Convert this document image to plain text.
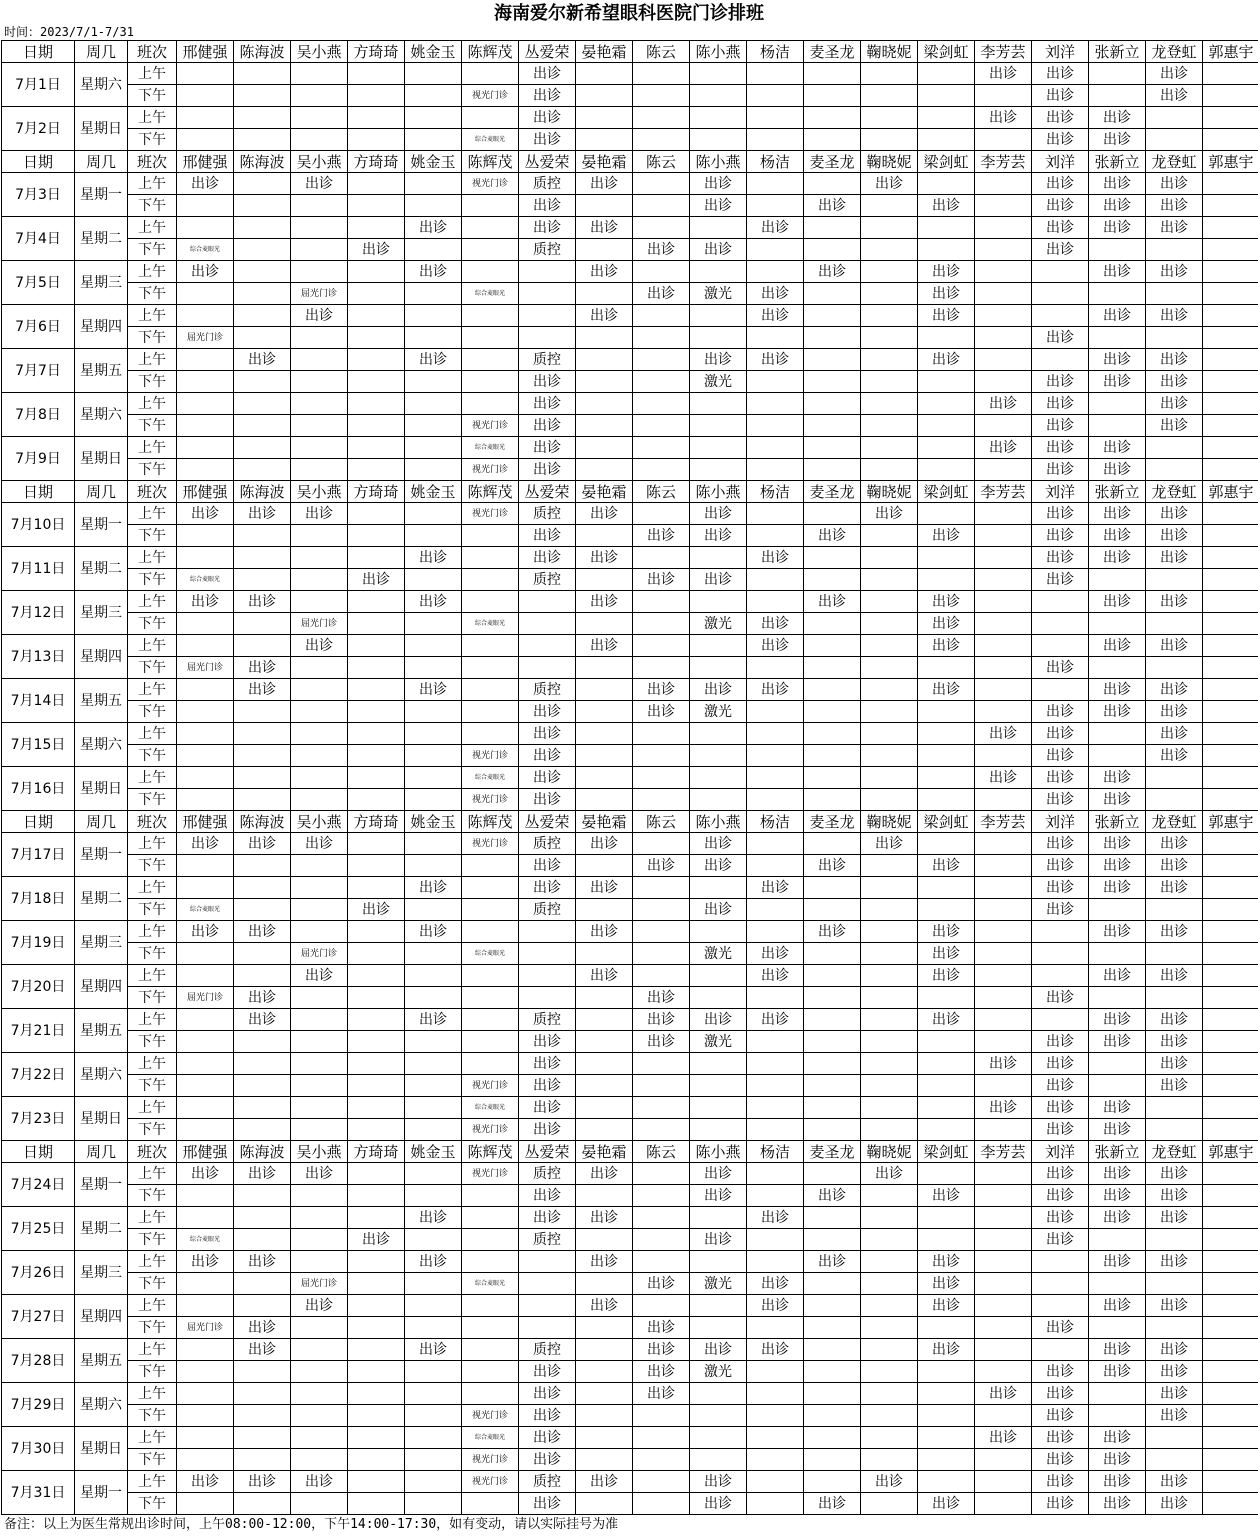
海南爱尔新希望眼科医院门诊排班
时间：2023/7/1-7/31
日期	周几	班次	邢健强	陈海波	吴小燕	方琦琦	姚金玉	陈辉茂	丛爱荣	晏艳霜	陈云	陈小燕	杨洁	麦圣龙	鞠晓妮	梁剑虹	李芳芸	刘洋	张新立	龙登虹	郭惠宇
7月1日	星期六	上午							出诊								出诊	出诊		出诊	
		下午						视光门诊	出诊									出诊		出诊	
7月2日	星期日	上午							出诊								出诊	出诊	出诊		
		下午						综合麦眼光	出诊									出诊	出诊		
日期	周几	班次	邢健强	陈海波	吴小燕	方琦琦	姚金玉	陈辉茂	丛爱荣	晏艳霜	陈云	陈小燕	杨洁	麦圣龙	鞠晓妮	梁剑虹	李芳芸	刘洋	张新立	龙登虹	郭惠宇
7月3日	星期一	上午	出诊		出诊			视光门诊	质控	出诊		出诊			出诊			出诊	出诊	出诊	
		下午							出诊			出诊		出诊		出诊		出诊	出诊	出诊	
7月4日	星期二	上午					出诊		出诊	出诊			出诊					出诊	出诊	出诊	
		下午	综合麦眼光			出诊			质控		出诊	出诊						出诊			
7月5日	星期三	上午	出诊				出诊			出诊				出诊		出诊			出诊	出诊	
		下午			屈光门诊			综合麦眼光			出诊	激光	出诊			出诊					
7月6日	星期四	上午			出诊					出诊			出诊			出诊			出诊	出诊	
		下午	屈光门诊															出诊			
7月7日	星期五	上午		出诊			出诊		质控			出诊	出诊			出诊			出诊	出诊	
		下午							出诊			激光						出诊	出诊	出诊	
7月8日	星期六	上午							出诊								出诊	出诊		出诊	
		下午						视光门诊	出诊									出诊		出诊	
7月9日	星期日	上午						综合麦眼光	出诊								出诊	出诊	出诊		
		下午						视光门诊	出诊									出诊	出诊		
日期	周几	班次	邢健强	陈海波	吴小燕	方琦琦	姚金玉	陈辉茂	丛爱荣	晏艳霜	陈云	陈小燕	杨洁	麦圣龙	鞠晓妮	梁剑虹	李芳芸	刘洋	张新立	龙登虹	郭惠宇
7月10日	星期一	上午	出诊	出诊	出诊			视光门诊	质控	出诊		出诊			出诊			出诊	出诊	出诊	
		下午							出诊		出诊	出诊		出诊		出诊		出诊	出诊	出诊	
7月11日	星期二	上午					出诊		出诊	出诊			出诊					出诊	出诊	出诊	
		下午	综合麦眼光			出诊			质控		出诊	出诊						出诊			
7月12日	星期三	上午	出诊	出诊			出诊			出诊				出诊		出诊			出诊	出诊	
		下午			屈光门诊			综合麦眼光				激光	出诊			出诊					
7月13日	星期四	上午			出诊					出诊			出诊			出诊			出诊	出诊	
		下午	屈光门诊	出诊														出诊			
7月14日	星期五	上午		出诊			出诊		质控		出诊	出诊	出诊			出诊			出诊	出诊	
		下午							出诊		出诊	激光						出诊	出诊	出诊	
7月15日	星期六	上午							出诊								出诊	出诊		出诊	
		下午						视光门诊	出诊									出诊		出诊	
7月16日	星期日	上午						综合麦眼光	出诊								出诊	出诊	出诊		
		下午						视光门诊	出诊									出诊	出诊		
日期	周几	班次	邢健强	陈海波	吴小燕	方琦琦	姚金玉	陈辉茂	丛爱荣	晏艳霜	陈云	陈小燕	杨洁	麦圣龙	鞠晓妮	梁剑虹	李芳芸	刘洋	张新立	龙登虹	郭惠宇
7月17日	星期一	上午	出诊	出诊	出诊			视光门诊	质控	出诊		出诊			出诊			出诊	出诊	出诊	
		下午							出诊		出诊	出诊		出诊		出诊		出诊	出诊	出诊	
7月18日	星期二	上午					出诊		出诊	出诊			出诊					出诊	出诊	出诊	
		下午	综合麦眼光			出诊			质控			出诊						出诊			
7月19日	星期三	上午	出诊	出诊			出诊			出诊				出诊		出诊			出诊	出诊	
		下午			屈光门诊			综合麦眼光				激光	出诊			出诊					
7月20日	星期四	上午			出诊					出诊			出诊			出诊			出诊	出诊	
		下午	屈光门诊	出诊							出诊							出诊			
7月21日	星期五	上午		出诊			出诊		质控		出诊	出诊	出诊			出诊			出诊	出诊	
		下午							出诊		出诊	激光						出诊	出诊	出诊	
7月22日	星期六	上午							出诊								出诊	出诊		出诊	
		下午						视光门诊	出诊									出诊		出诊	
7月23日	星期日	上午						综合麦眼光	出诊								出诊	出诊	出诊		
		下午						视光门诊	出诊									出诊	出诊		
日期	周几	班次	邢健强	陈海波	吴小燕	方琦琦	姚金玉	陈辉茂	丛爱荣	晏艳霜	陈云	陈小燕	杨洁	麦圣龙	鞠晓妮	梁剑虹	李芳芸	刘洋	张新立	龙登虹	郭惠宇
7月24日	星期一	上午	出诊	出诊	出诊			视光门诊	质控	出诊		出诊			出诊			出诊	出诊	出诊	
		下午							出诊			出诊		出诊		出诊		出诊	出诊	出诊	
7月25日	星期二	上午					出诊		出诊	出诊			出诊					出诊	出诊	出诊	
		下午	综合麦眼光			出诊			质控			出诊						出诊			
7月26日	星期三	上午	出诊	出诊			出诊			出诊				出诊		出诊			出诊	出诊	
		下午			屈光门诊			综合麦眼光			出诊	激光	出诊			出诊					
7月27日	星期四	上午			出诊					出诊			出诊			出诊			出诊	出诊	
		下午	屈光门诊	出诊							出诊							出诊			
7月28日	星期五	上午		出诊			出诊		质控		出诊	出诊	出诊			出诊			出诊	出诊	
		下午							出诊		出诊	激光						出诊	出诊	出诊	
7月29日	星期六	上午							出诊		出诊						出诊	出诊		出诊	
		下午						视光门诊	出诊									出诊		出诊	
7月30日	星期日	上午						综合麦眼光	出诊								出诊	出诊	出诊		
		下午						视光门诊	出诊									出诊	出诊		
7月31日	星期一	上午	出诊	出诊	出诊			视光门诊	质控	出诊		出诊			出诊			出诊	出诊	出诊	
		下午							出诊			出诊		出诊		出诊		出诊	出诊	出诊	
备注：以上为医生常规出诊时间，上午08:00-12:00，下午14:00-17:30，如有变动，请以实际挂号为准
